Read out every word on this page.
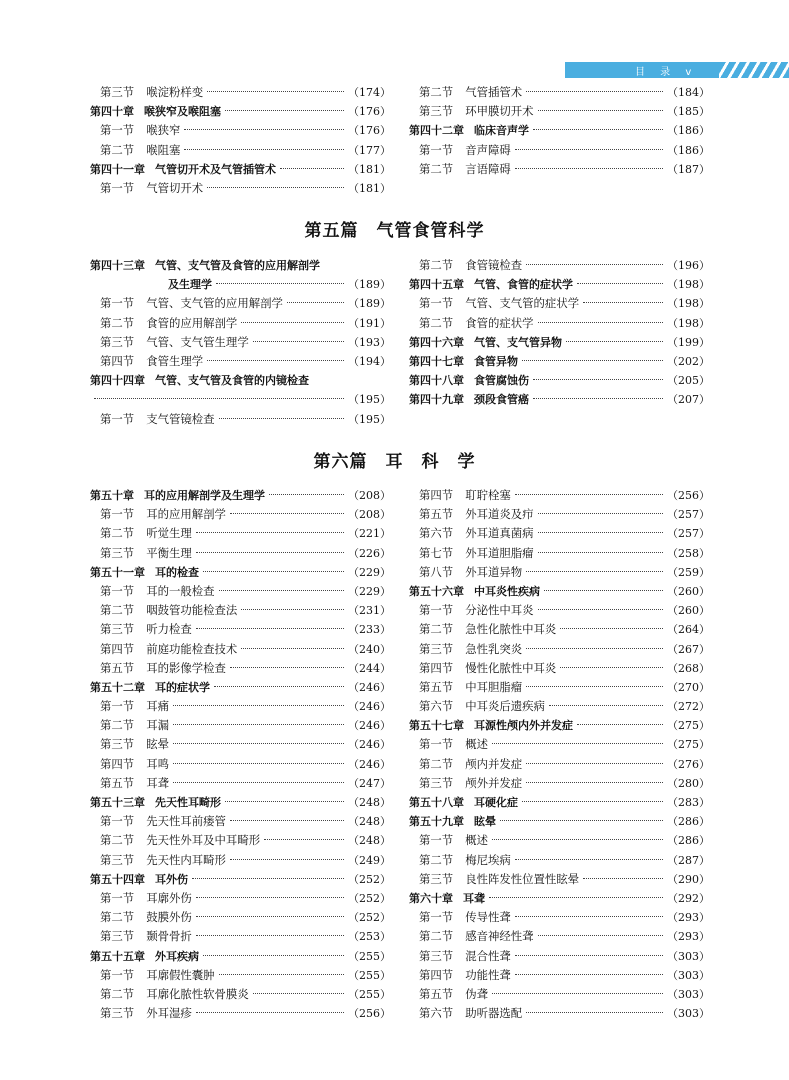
目 录 v
第三节 喉淀粉样变	（174）
第四十章 喉狭窄及喉阻塞	（176）
第一节 喉狭窄	（176）
第二节 喉阻塞	（177）
第四十一章 气管切开术及气管插管术	（181）
第一节 气管切开术	（181）
第二节 气管插管术	（184）
第三节 环甲膜切开术	（185）
第四十二章 临床音声学	（186）
第一节 音声障碍	（186）
第二节 言语障碍	（187）
第五篇　气管食管科学
第四十三章 气管、支气管及食管的应用解剖学
及生理学	（189）
第一节 气管、支气管的应用解剖学	（189）
第二节 食管的应用解剖学	（191）
第三节 气管、支气管生理学	（193）
第四节 食管生理学	（194）
第四十四章 气管、支气管及食管的内镜检查
（195）
第一节 支气管镜检查	（195）
第二节 食管镜检查	（196）
第四十五章 气管、食管的症状学	（198）
第一节 气管、支气管的症状学	（198）
第二节 食管的症状学	（198）
第四十六章 气管、支气管异物	（199）
第四十七章 食管异物	（202）
第四十八章 食管腐蚀伤	（205）
第四十九章 颈段食管癌	（207）
第六篇　耳　科　学
第五十章 耳的应用解剖学及生理学	（208）
第一节 耳的应用解剖学	（208）
第二节 听觉生理	（221）
第三节 平衡生理	（226）
第五十一章 耳的检查	（229）
第一节 耳的一般检查	（229）
第二节 咽鼓管功能检查法	（231）
第三节 听力检查	（233）
第四节 前庭功能检查技术	（240）
第五节 耳的影像学检查	（244）
第五十二章 耳的症状学	（246）
第一节 耳痛	（246）
第二节 耳漏	（246）
第三节 眩晕	（246）
第四节 耳鸣	（246）
第五节 耳聋	（247）
第五十三章 先天性耳畸形	（248）
第一节 先天性耳前瘘管	（248）
第二节 先天性外耳及中耳畸形	（248）
第三节 先天性内耳畸形	（249）
第五十四章 耳外伤	（252）
第一节 耳廓外伤	（252）
第二节 鼓膜外伤	（252）
第三节 颞骨骨折	（253）
第五十五章 外耳疾病	（255）
第一节 耳廓假性囊肿	（255）
第二节 耳廓化脓性软骨膜炎	（255）
第三节 外耳湿疹	（256）
第四节 耵聍栓塞	（256）
第五节 外耳道炎及疖	（257）
第六节 外耳道真菌病	（257）
第七节 外耳道胆脂瘤	（258）
第八节 外耳道异物	（259）
第五十六章 中耳炎性疾病	（260）
第一节 分泌性中耳炎	（260）
第二节 急性化脓性中耳炎	（264）
第三节 急性乳突炎	（267）
第四节 慢性化脓性中耳炎	（268）
第五节 中耳胆脂瘤	（270）
第六节 中耳炎后遗疾病	（272）
第五十七章 耳源性颅内外并发症	（275）
第一节 概述	（275）
第二节 颅内并发症	（276）
第三节 颅外并发症	（280）
第五十八章 耳硬化症	（283）
第五十九章 眩晕	（286）
第一节 概述	（286）
第二节 梅尼埃病	（287）
第三节 良性阵发性位置性眩晕	（290）
第六十章 耳聋	（292）
第一节 传导性聋	（293）
第二节 感音神经性聋	（293）
第三节 混合性聋	（303）
第四节 功能性聋	（303）
第五节 伪聋	（303）
第六节 助听器选配	（303）
